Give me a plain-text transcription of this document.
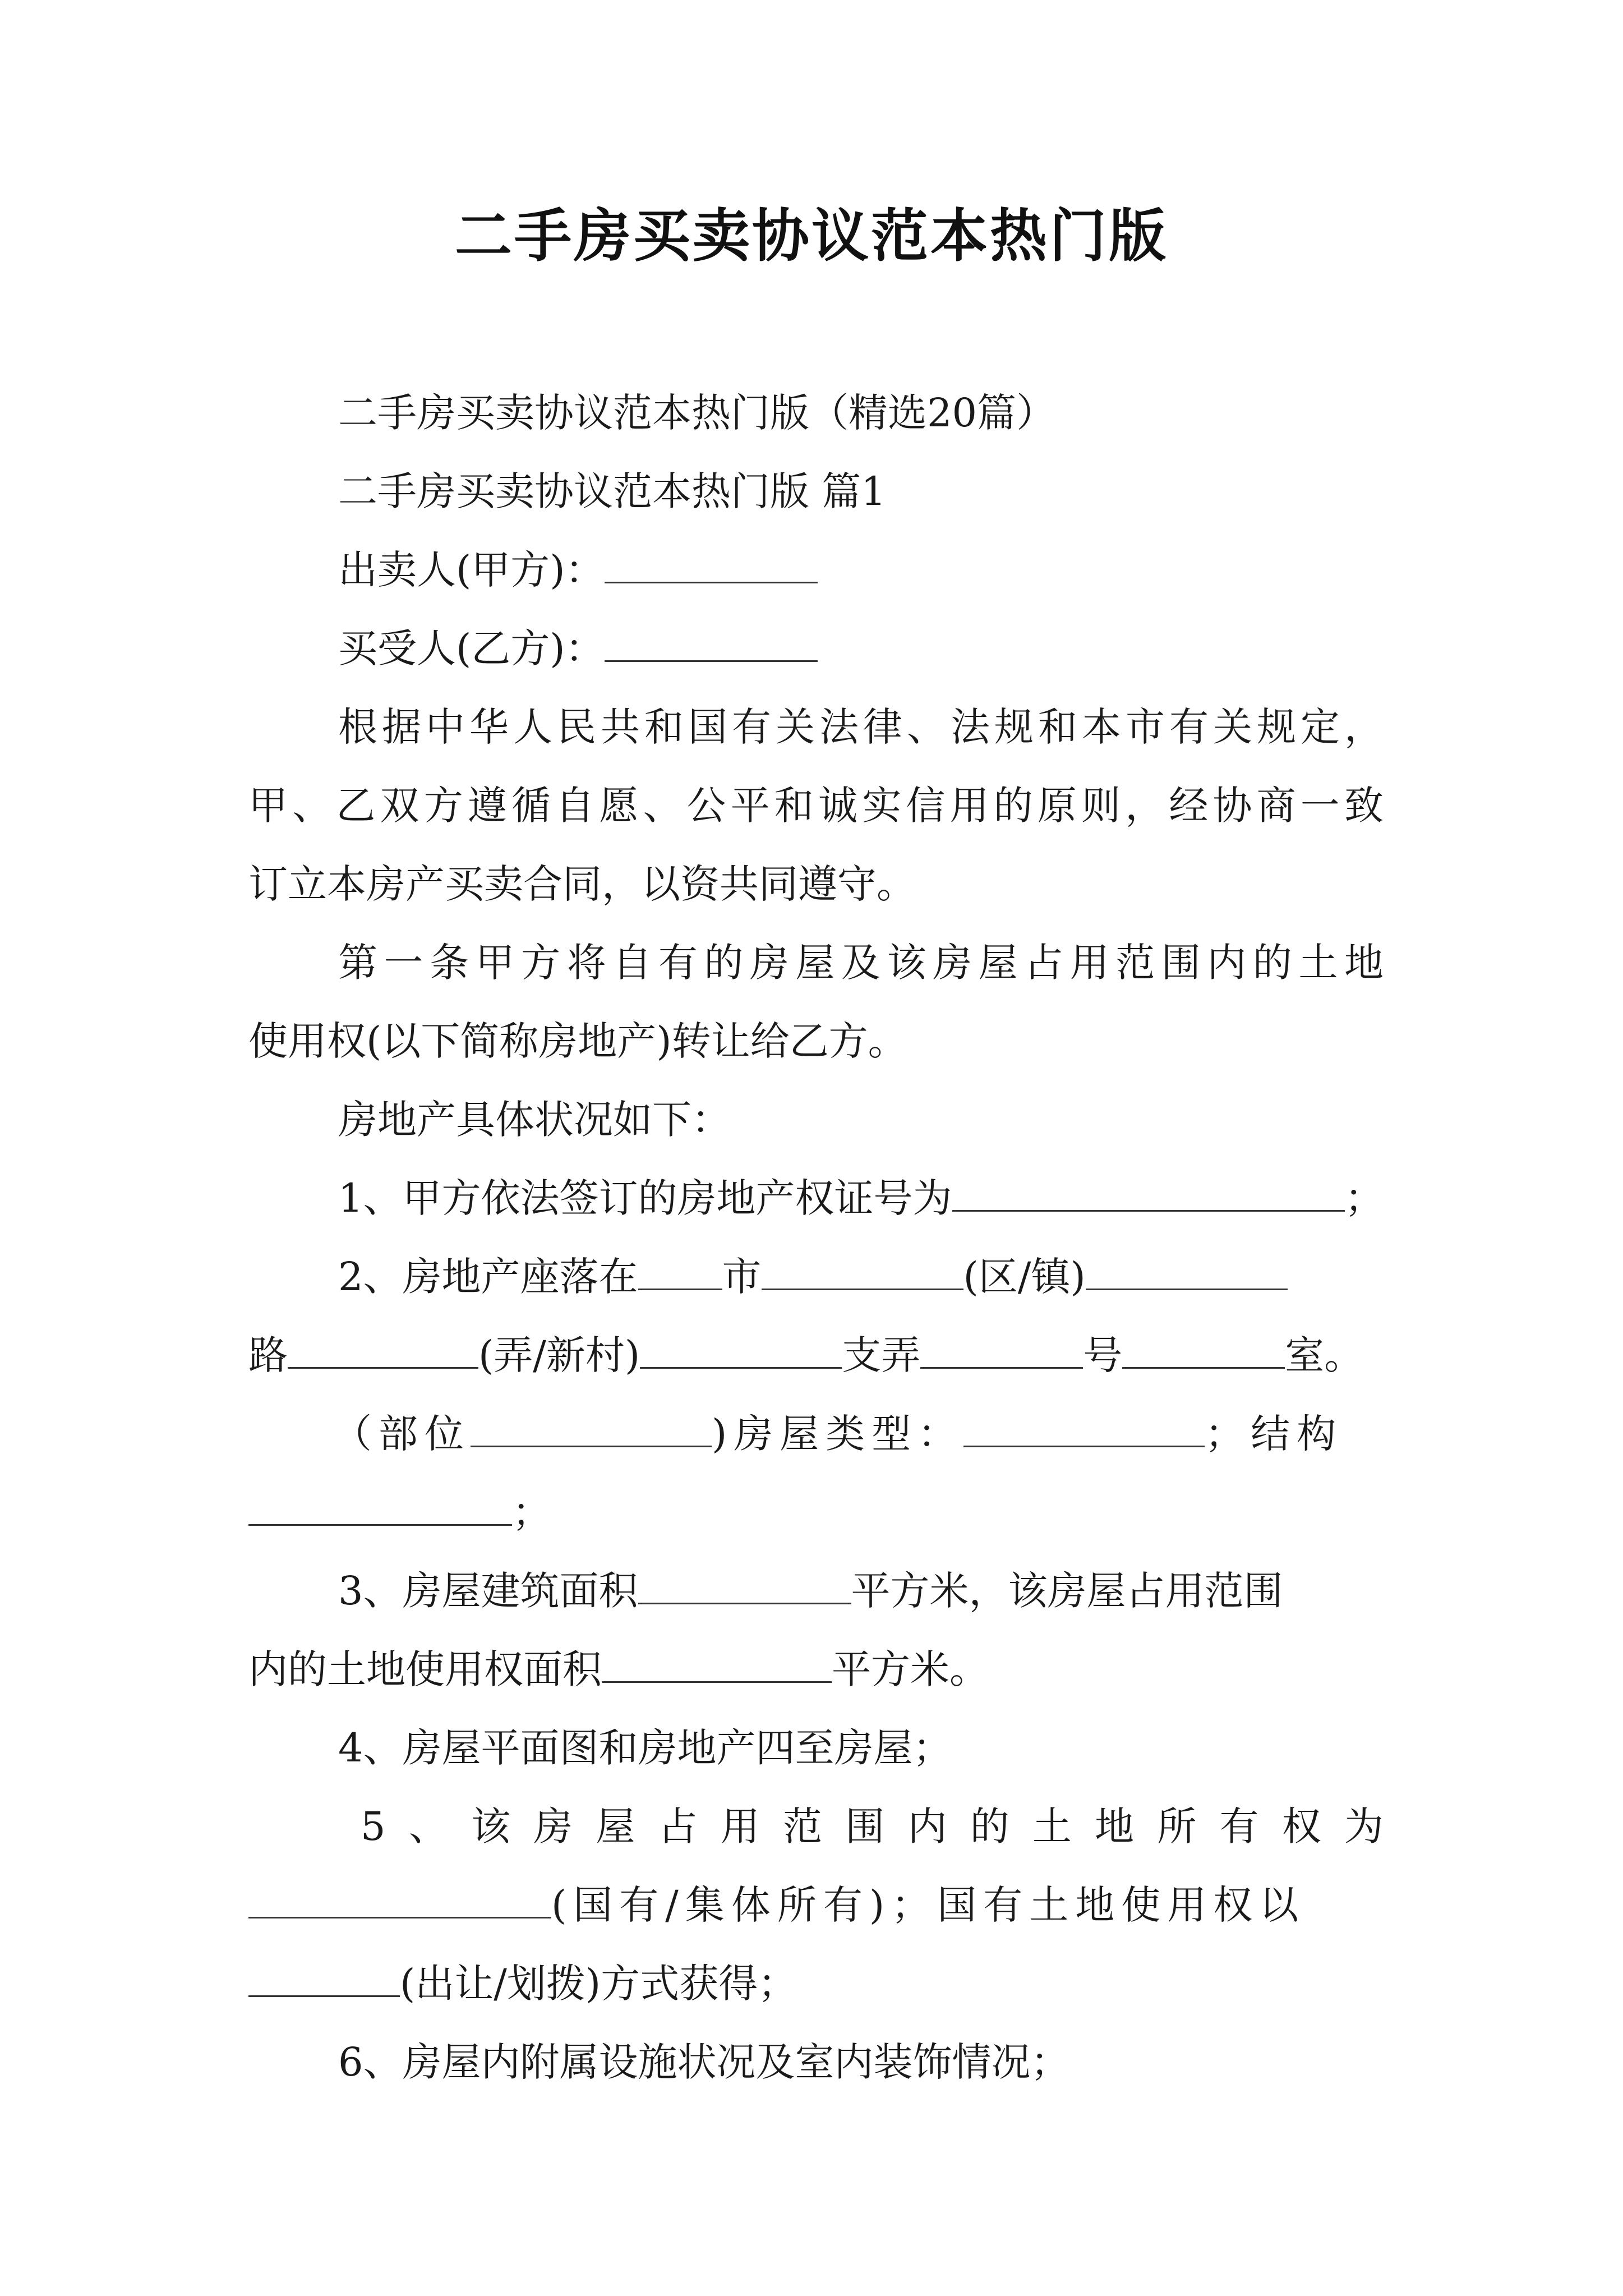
二手房买卖协议范本热门版
二手房买卖协议范本热门版（精选20篇）
二手房买卖协议范本热门版 篇1
出卖人(甲方)：
买受人(乙方)：
根据中华人民共和国有关法律、法规和本市有关规定，
甲、乙双方遵循自愿、公平和诚实信用的原则，经协商一致
订立本房产买卖合同，以资共同遵守。
第一条甲方将自有的房屋及该房屋占用范围内的土地
使用权(以下简称房地产)转让给乙方。
房地产具体状况如下：
1、甲方依法签订的房地产权证号为	；
2、房地产座落在 市	(区/镇)
路	(弄/新村)	支弄	号	室。
（部位	)房屋类型：	；结构
；
3、房屋建筑面积	平方米，该房屋占用范围
内的土地使用权面积	平方米。
4、房屋平面图和房地产四至房屋；
5、该房屋占用范围内的土地所有权为
(国有/集体所有)；国有土地使用权以
(出让/划拨)方式获得；
6、房屋内附属设施状况及室内装饰情况；
